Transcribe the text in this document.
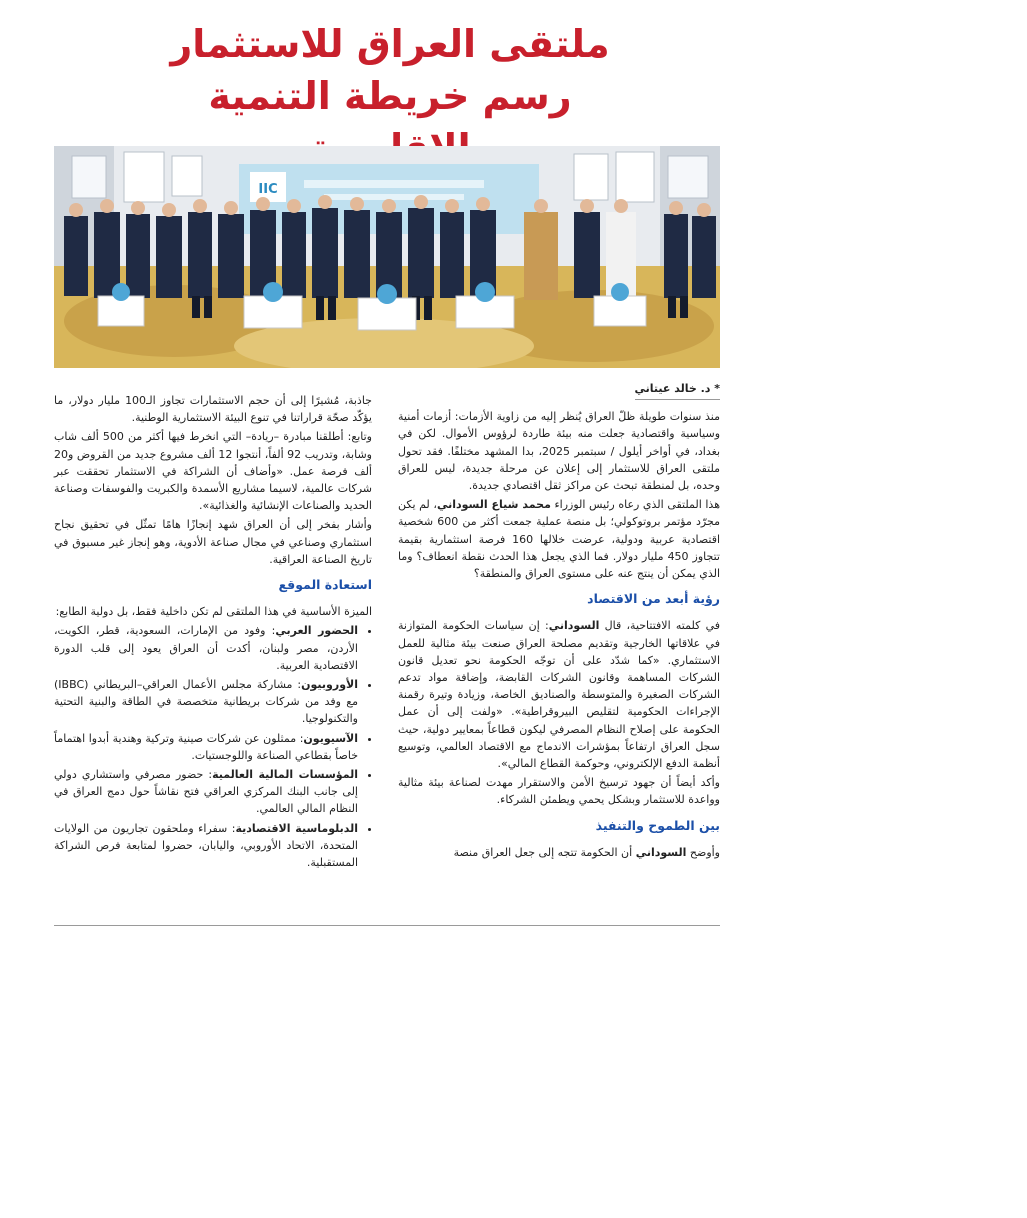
ملتقى العراق للاستثمار
رسم خريطة التنمية
IIC
* د. خالد عيتاني

منذ سنوات طويلة ظلّ العراق يُنظر إليه من زاوية الأزمات: أزمات أمنية وسياسية واقتصادية جعلت منه بيئة طاردة لرؤوس الأموال. لكن في بغداد، في أواخر أيلول / سبتمبر 2025، بدا المشهد مختلفًا. فقد تحول ملتقى العراق للاستثمار إلى إعلان عن مرحلة جديدة، ليس للعراق وحده، بل لمنطقة تبحث عن مراكز ثقل اقتصادي جديدة.

هذا الملتقى الذي رعاه رئيس الوزراء محمد شياع السوداني، لم يكن مجرّد مؤتمر بروتوكولي؛ بل منصة عملية جمعت أكثر من 600 شخصية اقتصادية عربية ودولية، عرضت خلالها 160 فرصة استثمارية بقيمة تتجاوز 450 مليار دولار. فما الذي يجعل هذا الحدث نقطة انعطاف؟ وما الذي يمكن أن ينتج عنه على مستوى العراق والمنطقة؟

رؤية أبعد من الاقتصاد

في كلمته الافتتاحية، قال السوداني: إن سياسات الحكومة المتوازنة في علاقاتها الخارجية وتقديم مصلحة العراق صنعت بيئة مثالية للعمل الاستثماري. «كما شدّد على أن توجّه الحكومة نحو تعديل قانون الشركات المساهمة وقانون الشركات القابضة، وإضافة مواد تدعم الشركات الصغيرة والمتوسطة والصناديق الخاصة، وزيادة وتيرة رقمنة الإجراءات الحكومية لتقليص البيروقراطية». «ولفت إلى أن عمل الحكومة على إصلاح النظام المصرفي ليكون قطاعاً بمعايير دولية، حيث سجل العراق ارتفاعاً بمؤشرات الاندماج مع الاقتصاد العالمي، وتوسيع أنظمة الدفع الإلكتروني، وحوكمة القطاع المالي».

وأكد أيضاً أن جهود ترسيخ الأمن والاستقرار مهدت لصناعة بيئة مثالية وواعدة للاستثمار وبشكل يحمي ويطمئن الشركاء.

بين الطموح والتنفيذ

وأوضح السوداني أن الحكومة تتجه إلى جعل العراق منصة

جاذبة، مُشيرًا إلى أن حجم الاستثمارات تجاوز الـ100 مليار دولار، ما يؤكّد صحّة قراراتنا في تنوع البيئة الاستثمارية الوطنية.

وتابع: أطلقنا مبادرة –ريادة– التي انخرط فيها أكثر من 500 ألف شاب وشابة، وتدريب 92 ألفاً، أنتجوا 12 ألف مشروع جديد من القروض و20 ألف فرصة عمل. «وأضاف أن الشراكة في الاستثمار تحققت عبر شركات عالمية، لاسيما مشاريع الأسمدة والكبريت والفوسفات وصناعة الحديد والصناعات الإنشائية والغذائية».

وأشار بفخر إلى أن العراق شهد إنجازًا هامًا تمثّل في تحقيق نجاح استثماري وصناعي في مجال صناعة الأدوية، وهو إنجاز غير مسبوق في تاريخ الصناعة العراقية.

استعادة الموقع

الميزة الأساسية في هذا الملتقى لم تكن داخلية فقط، بل دولية الطابع:

• الحضور العربي: وفود من الإمارات، السعودية، قطر، الكويت، الأردن، مصر ولبنان، أكدت أن العراق يعود إلى قلب الدورة الاقتصادية العربية.
• الأوروبيون: مشاركة مجلس الأعمال العراقي–البريطاني (IBBC) مع وفد من شركات بريطانية متخصصة في الطاقة والبنية التحتية والتكنولوجيا.
• الآسيويون: ممثلون عن شركات صينية وتركية وهندية أبدوا اهتماماً خاصاً بقطاعي الصناعة واللوجستيات.
• المؤسسات المالية العالمية: حضور مصرفي واستشاري دولي إلى جانب البنك المركزي العراقي فتح نقاشاً حول دمج العراق في النظام المالي العالمي.
• الدبلوماسية الاقتصادية: سفراء وملحقون تجاريون من الولايات المتحدة، الاتحاد الأوروبي، واليابان، حضروا لمتابعة فرص الشراكة المستقبلية.
